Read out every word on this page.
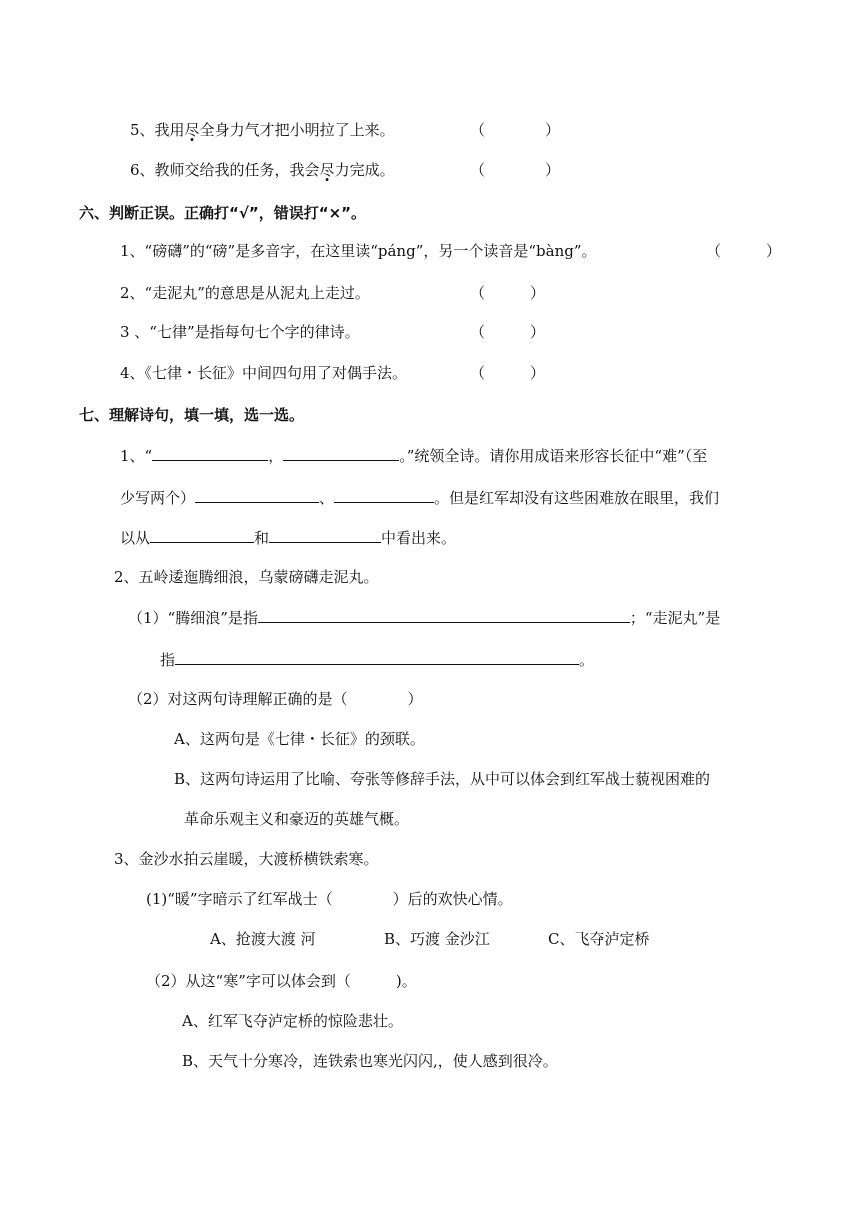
5、我用尽全身力气才把小明拉了上来。	（　　　　）
6、教师交给我的任务，我会尽力完成。	（　　　　）
六、判断正误。正确打“√”，错误打“×”。
1、“磅礴”的“磅”是多音字，在这里读“páng”，另一个读音是“bàng”。	（　　　）
2、“走泥丸”的意思是从泥丸上走过。	（　　　）
3 、“七律”是指每句七个字的律诗。	（　　　）
4、《七律・长征》中间四句用了对偶手法。	（　　　）
七、理解诗句，填一填，选一选。
1、“	，	。”统领全诗。请你用成语来形容长征中“难”（至
少写两个）	、	。但是红军却没有这些困难放在眼里，我们
以从	和	中看出来。
2、五岭逶迤腾细浪，乌蒙磅礴走泥丸。
（1）“腾细浪”是指	；“走泥丸”是
指	。
（2）对这两句诗理解正确的是（　　　　）
A、这两句是《七律・长征》的颈联。
B、这两句诗运用了比喻、夸张等修辞手法，从中可以体会到红军战士藐视困难的
革命乐观主义和豪迈的英雄气概。
3、金沙水拍云崖暖，大渡桥横铁索寒。
(1)“暖”字暗示了红军战士（　　　　）后的欢快心情。
A、抢渡大渡 河	B、巧渡 金沙江	C、飞夺泸定桥
（2）从这“寒”字可以体会到（　　　)。
A、红军飞夺泸定桥的惊险悲壮。
B、天气十分寒冷，连铁索也寒光闪闪,，使人感到很冷。
